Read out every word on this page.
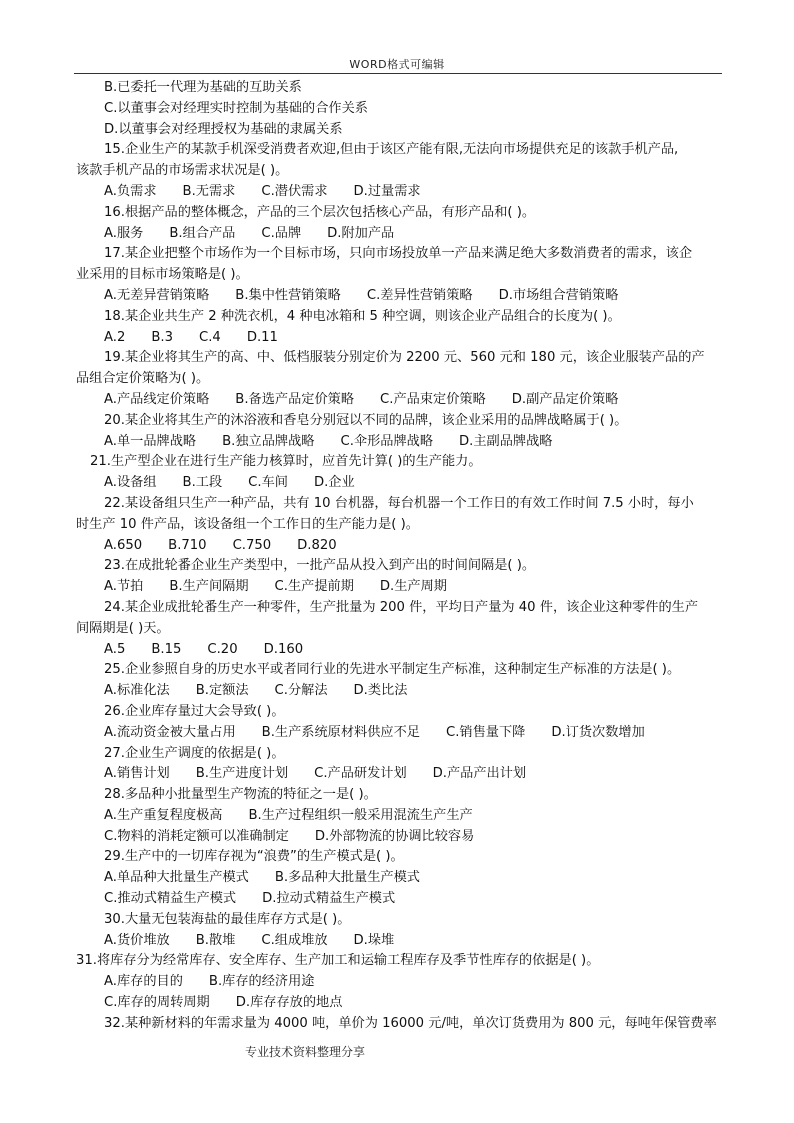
WORD格式可编辑
B.已委托一代理为基础的互助关系
C.以董事会对经理实时控制为基础的合作关系
D.以董事会对经理授权为基础的隶属关系
15.企业生产的某款手机深受消费者欢迎,但由于该区产能有限,无法向市场提供充足的该款手机产品,
该款手机产品的市场需求状况是( )。
A.负需求 B.无需求 C.潜伏需求 D.过量需求
16.根据产品的整体概念，产品的三个层次包括核心产品，有形产品和( )。
A.服务 B.组合产品 C.品牌 D.附加产品
17.某企业把整个市场作为一个目标市场，只向市场投放单一产品来满足绝大多数消费者的需求，该企
业采用的目标市场策略是( )。
A.无差异营销策略 B.集中性营销策略 C.差异性营销策略 D.市场组合营销策略
18.某企业共生产 2 种洗衣机，4 种电冰箱和 5 种空调，则该企业产品组合的长度为( )。
A.2 B.3 C.4 D.11
19.某企业将其生产的高、中、低档服装分别定价为 2200 元、560 元和 180 元，该企业服装产品的产
品组合定价策略为( )。
A.产品线定价策略 B.备选产品定价策略 C.产品束定价策略 D.副产品定价策略
20.某企业将其生产的沐浴液和香皂分别冠以不同的品牌，该企业采用的品牌战略属于( )。
A.单一品牌战略 B.独立品牌战略 C.伞形品牌战略 D.主副品牌战略
21.生产型企业在进行生产能力核算时，应首先计算( )的生产能力。
A.设备组 B.工段 C.车间 D.企业
22.某设备组只生产一种产品，共有 10 台机器，每台机器一个工作日的有效工作时间 7.5 小时，每小
时生产 10 件产品，该设备组一个工作日的生产能力是( )。
A.650 B.710 C.750 D.820
23.在成批轮番企业生产类型中，一批产品从投入到产出的时间间隔是( )。
A.节拍 B.生产间隔期 C.生产提前期 D.生产周期
24.某企业成批轮番生产一种零件，生产批量为 200 件，平均日产量为 40 件，该企业这种零件的生产
间隔期是( )天。
A.5 B.15 C.20 D.160
25.企业参照自身的历史水平或者同行业的先进水平制定生产标准，这种制定生产标准的方法是( )。
A.标准化法 B.定额法 C.分解法 D.类比法
26.企业库存量过大会导致( )。
A.流动资金被大量占用 B.生产系统原材料供应不足 C.销售量下降 D.订货次数增加
27.企业生产调度的依据是( )。
A.销售计划 B.生产进度计划 C.产品研发计划 D.产品产出计划
28.多品种小批量型生产物流的特征之一是( )。
A.生产重复程度极高 B.生产过程组织一般采用混流生产生产
C.物料的消耗定额可以准确制定 D.外部物流的协调比较容易
29.生产中的一切库存视为“浪费”的生产模式是( )。
A.单品种大批量生产模式 B.多品种大批量生产模式
C.推动式精益生产模式 D.拉动式精益生产模式
30.大量无包装海盐的最佳库存方式是( )。
A.货价堆放 B.散堆 C.组成堆放 D.垛堆
31.将库存分为经常库存、安全库存、生产加工和运输工程库存及季节性库存的依据是( )。
A.库存的目的 B.库存的经济用途
C.库存的周转周期 D.库存存放的地点
32.某种新材料的年需求量为 4000 吨，单价为 16000 元/吨，单次订货费用为 800 元，每吨年保管费率
专业技术资料整理分享
